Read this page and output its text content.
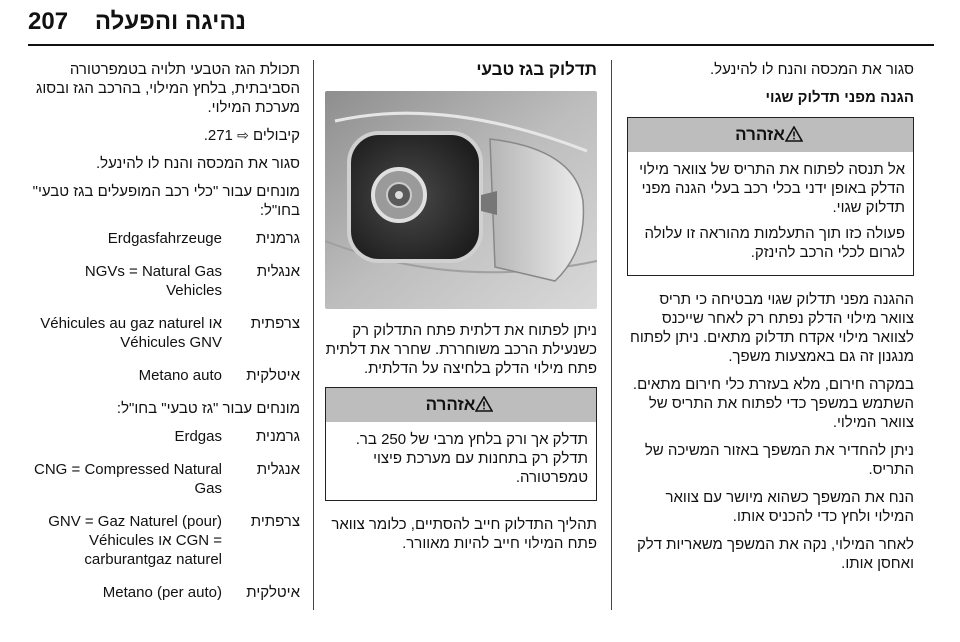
207	נהיגה והפעלה

סגור את המכסה והנח לו להינעל.

הגנה מפני תדלוק שגוי
אזהרה

אל תנסה לפתוח את התריס של צוואר מילוי הדלק באופן ידני בכלי רכב בעלי הגנה מפני תדלוק שגוי.

פעולה כזו תוך התעלמות מהוראה זו עלולה לגרום לכלי הרכב להינזק.

ההגנה מפני תדלוק שגוי מבטיחה כי תריס צוואר מילוי הדלק נפתח רק לאחר שייכנס לצוואר מילוי אקדח תדלוק מתאים. ניתן לפתוח מנגנון זה גם באמצעות משפך.

במקרה חירום, מלא בעזרת כלי חירום מתאים. השתמש במשפך כדי לפתוח את התריס של צוואר המילוי.

ניתן להחדיר את המשפך באזור המשיכה של התריס.

הנח את המשפך כשהוא מיושר עם צוואר המילוי ולחץ כדי להכניס אותו.

לאחר המילוי, נקה את המשפך משאריות דלק ואחסן אותו.

תדלוק בגז טבעי

ניתן לפתוח את דלתית פתח התדלוק רק כשנעילת הרכב משוחררת. שחרר את דלתית פתח מילוי הדלק בלחיצה על הדלתית.

אזהרה

תדלק אך ורק בלחץ מרבי של 250 בר. תדלק רק בתחנות עם מערכת פיצוי טמפרטורה.

תהליך התדלוק חייב להסתיים, כלומר צוואר פתח המילוי חייב להיות מאוורר.

תכולת הגז הטבעי תלויה בטמפרטורה הסביבתית, בלחץ המילוי, בהרכב הגז ובסוג מערכת המילוי.

קיבולים ⇨ 271.

סגור את המכסה והנח לו להינעל.

מונחים עבור "כלי רכב המופעלים בגז טבעי" בחו"ל:

גרמנית
Erdgasfahrzeuge
אנגלית
NGVs = Natural Gas Vehicles
צרפתית
Véhicules au gaz naturel או Véhicules GNV
איטלקית
Metano auto

מונחים עבור "גז טבעי" בחו"ל:

גרמנית
Erdgas
אנגלית
CNG = Compressed Natural Gas
צרפתית
GNV = Gaz Naturel (pour) Véhicules או CGN = carburantgaz naturel
איטלקית
Metano (per auto)
